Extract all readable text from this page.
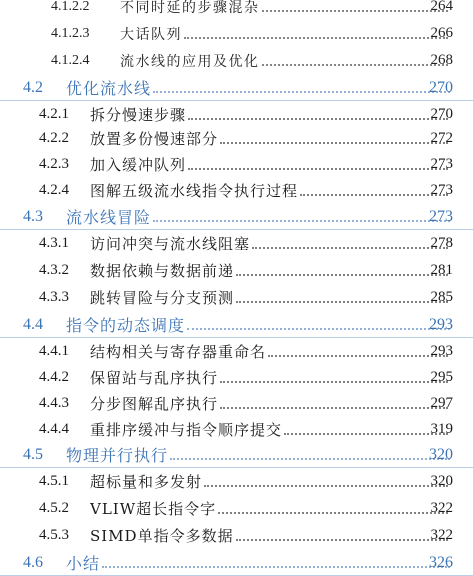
4.1.2.2 不同时延的步骤混杂	264
4.1.2.3 大话队列	266
4.1.2.4 流水线的应用及优化	268
4.2 优化流水线	270
4.2.1 拆分慢速步骤	270
4.2.2 放置多份慢速部分	272
4.2.3 加入缓冲队列	273
4.2.4 图解五级流水线指令执行过程	273
4.3 流水线冒险	273
4.3.1 访问冲突与流水线阻塞	278
4.3.2 数据依赖与数据前递	281
4.3.3 跳转冒险与分支预测	285
4.4 指令的动态调度	293
4.4.1 结构相关与寄存器重命名	293
4.4.2 保留站与乱序执行	295
4.4.3 分步图解乱序执行	297
4.4.4 重排序缓冲与指令顺序提交	319
4.5 物理并行执行	320
4.5.1 超标量和多发射	320
4.5.2 VLIW超长指令字	322
4.5.3 SIMD单指令多数据	322
4.6 小结	326
